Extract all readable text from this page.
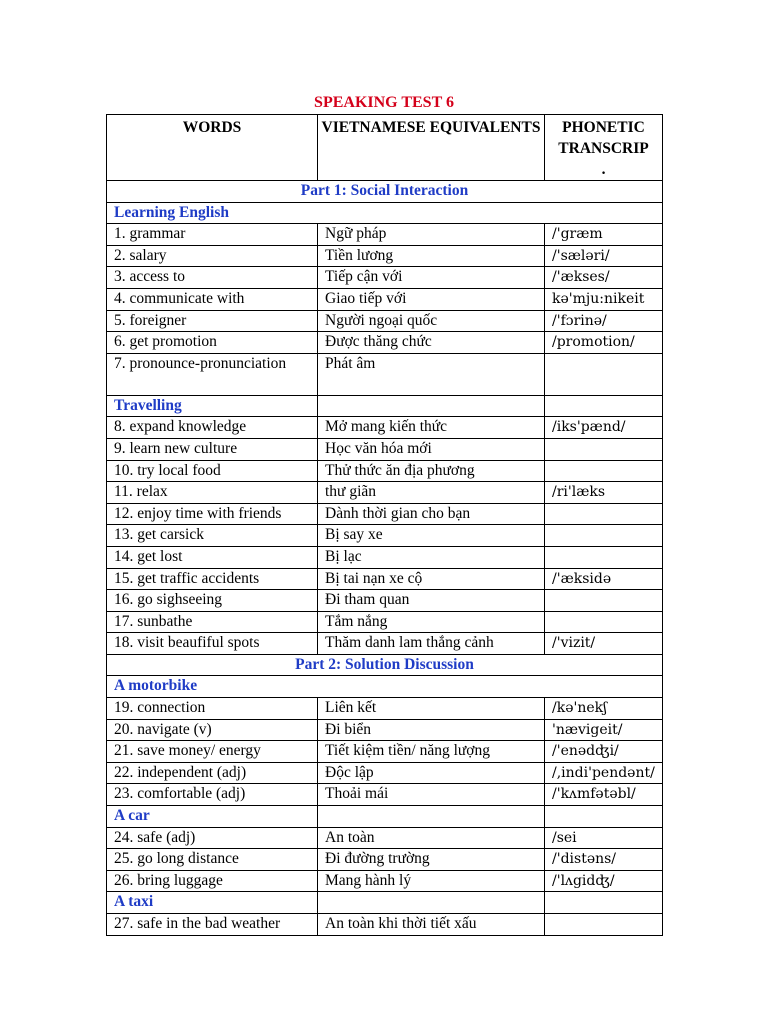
SPEAKING TEST 6
WORDS	VIETNAMESE EQUIVALENTS	PHONETIC TRANSCRIP
.
Part 1: Social Interaction		
Learning English		
1. grammar	Ngữ pháp	/'græm
2. salary	Tiền lương	/'sæləri/
3. access to	Tiếp cận với	/'ækses/
4. communicate with	Giao tiếp với	kə'mju:nikeit
5. foreigner	Người ngoại quốc	/'fɔrinə/
6. get promotion	Được thăng chức	/promotion/
7. pronounce-pronunciation	Phát âm	
Travelling		
8. expand knowledge	Mở mang kiến thức	/iks'pænd/
9. learn new culture	Học văn hóa mới	
10. try local food	Thử thức ăn địa phương	
11. relax	thư giãn	/ri'læks
12. enjoy time with friends	Dành thời gian cho bạn	
13. get carsick	Bị say xe	
14. get lost	Bị lạc	
15. get traffic accidents	Bị tai nạn xe cộ	/'æksidə
16. go sighseeing	Đi tham quan	
17. sunbathe	Tắm nắng	
18. visit beaufiful spots	Thăm danh lam thắng cảnh	/'vizit/
Part 2: Solution Discussion		
A motorbike		
19. connection	Liên kết	/kə'nekʃ
20. navigate (v)	Đi biển	'nævigeit/
21. save money/ energy	Tiết kiệm tiền/ năng lượng	/'enədʤi/
22. independent (adj)	Độc lập	/,indi'pendənt/
23. comfortable (adj)	Thoải mái	/'kʌmfətəbl/
A car		
24. safe (adj)	An toàn	/sei
25. go long distance	Đi đường trường	/'distəns/
26. bring luggage	Mang hành lý	/'lʌgidʤ/
A taxi		
27. safe in the bad weather	An toàn khi thời tiết xấu	
